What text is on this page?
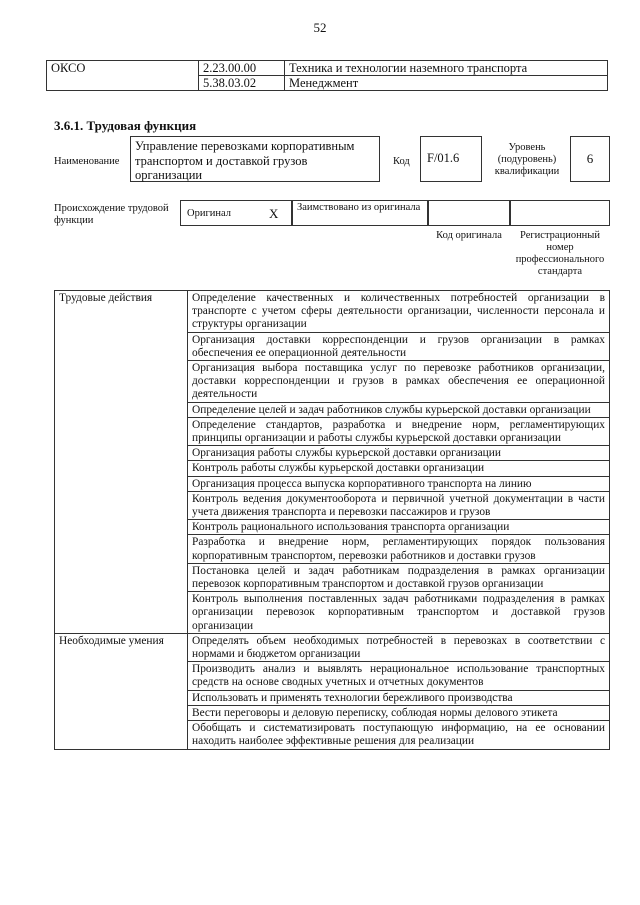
52
ОКСО	2.23.00.00	Техника и технологии наземного транспорта
	5.38.03.02	Менеджмент
3.6.1. Трудовая функция
Наименование
Управление перевозками корпоративным транспортом и доставкой грузов организации
Код	F/01.6
Уровень (подуровень) квалификации
6
Происхождение трудовой функции
Оригинал	X Заимствовано из оригинала
Код оригинала	Регистрационный номер профессионального стандарта
Трудовые действия	Определение качественных и количественных потребностей организации в транспорте с учетом сферы деятельности организации, численности персонала и структуры организации
	Организация доставки корреспонденции и грузов организации в рамках обеспечения ее операционной деятельности
	Организация выбора поставщика услуг по перевозке работников организации, доставки корреспонденции и грузов в рамках обеспечения ее операционной деятельности
	Определение целей и задач работников службы курьерской доставки организации
	Определение стандартов, разработка и внедрение норм, регламентирующих принципы организации и работы службы курьерской доставки организации
	Организация работы службы курьерской доставки организации
	Контроль работы службы курьерской доставки организации
	Организация процесса выпуска корпоративного транспорта на линию
	Контроль ведения документооборота и первичной учетной документации в части учета движения транспорта и перевозки пассажиров и грузов
	Контроль рационального использования транспорта организации
	Разработка и внедрение норм, регламентирующих порядок пользования корпоративным транспортом, перевозки работников и доставки грузов
	Постановка целей и задач работникам подразделения в рамках организации перевозок корпоративным транспортом и доставкой грузов организации
	Контроль выполнения поставленных задач работниками подразделения в рамках организации перевозок корпоративным транспортом и доставкой грузов организации
Необходимые умения	Определять объем необходимых потребностей в перевозках в соответствии с нормами и бюджетом организации
	Производить анализ и выявлять нерациональное использование транспортных средств на основе сводных учетных и отчетных документов
	Использовать и применять технологии бережливого производства
	Вести переговоры и деловую переписку, соблюдая нормы делового этикета
	Обобщать и систематизировать поступающую информацию, на ее основании находить наиболее эффективные решения для реализации
